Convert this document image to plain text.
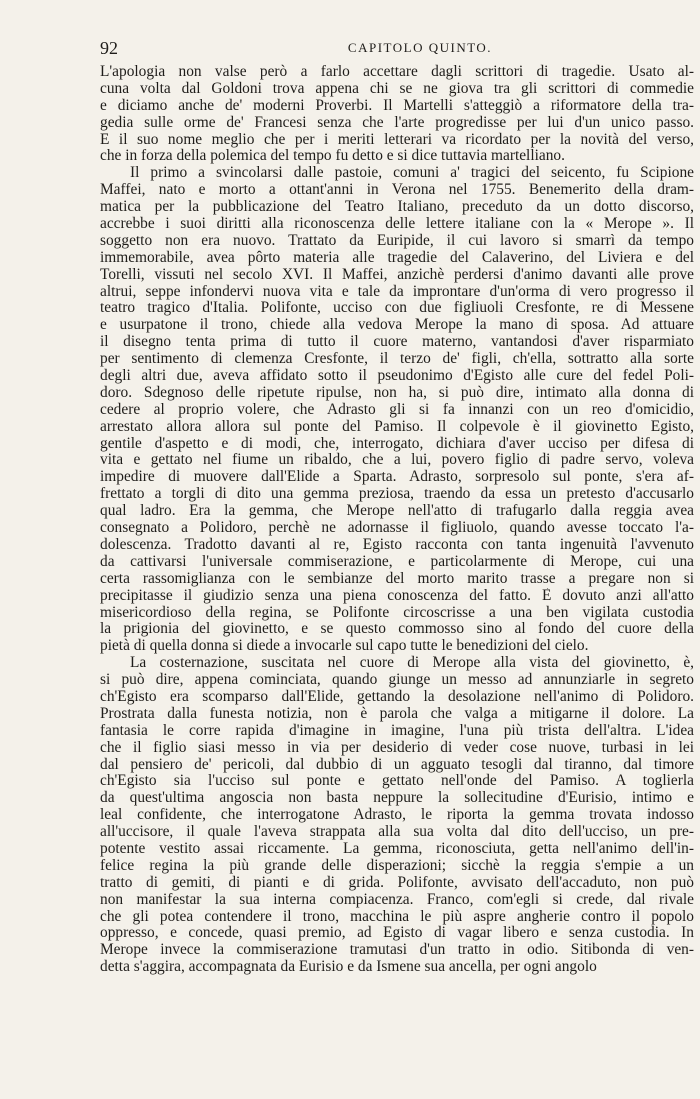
92	CAPITOLO QUINTO.
L'apologia non valse però a farlo accettare dagli scrittori di tragedie. Usato al-
cuna volta dal Goldoni trova appena chi se ne giova tra gli scrittori di commedie
e diciamo anche de' moderni Proverbi. Il Martelli s'atteggiò a riformatore della tra-
gedia sulle orme de' Francesi senza che l'arte progredisse per lui d'un unico passo.
E il suo nome meglio che per i meriti letterari va ricordato per la novità del verso,
che in forza della polemica del tempo fu detto e si dice tuttavia martelliano.
Il primo a svincolarsi dalle pastoie, comuni a' tragici del seicento, fu Scipione
Maffei, nato e morto a ottant'anni in Verona nel 1755. Benemerito della dram-
matica per la pubblicazione del Teatro Italiano, preceduto da un dotto discorso,
accrebbe i suoi diritti alla riconoscenza delle lettere italiane con la « Merope ». Il
soggetto non era nuovo. Trattato da Euripide, il cui lavoro si smarrì da tempo
immemorabile, avea pôrto materia alle tragedie del Calaverino, del Liviera e del
Torelli, vissuti nel secolo XVI. Il Maffei, anzichè perdersi d'animo davanti alle prove
altrui, seppe infondervi nuova vita e tale da improntare d'un'orma di vero progresso il
teatro tragico d'Italia. Polifonte, ucciso con due figliuoli Cresfonte, re di Messene
e usurpatone il trono, chiede alla vedova Merope la mano di sposa. Ad attuare
il disegno tenta prima di tutto il cuore materno, vantandosi d'aver risparmiato
per sentimento di clemenza Cresfonte, il terzo de' figli, ch'ella, sottratto alla sorte
degli altri due, aveva affidato sotto il pseudonimo d'Egisto alle cure del fedel Poli-
doro. Sdegnoso delle ripetute ripulse, non ha, si può dire, intimato alla donna di
cedere al proprio volere, che Adrasto gli si fa innanzi con un reo d'omicidio,
arrestato allora allora sul ponte del Pamiso. Il colpevole è il giovinetto Egisto,
gentile d'aspetto e di modi, che, interrogato, dichiara d'aver ucciso per difesa di
vita e gettato nel fiume un ribaldo, che a lui, povero figlio di padre servo, voleva
impedire di muovere dall'Elide a Sparta. Adrasto, sorpresolo sul ponte, s'era af-
frettato a torgli di dito una gemma preziosa, traendo da essa un pretesto d'accusarlo
qual ladro. Era la gemma, che Merope nell'atto di trafugarlo dalla reggia avea
consegnato a Polidoro, perchè ne adornasse il figliuolo, quando avesse toccato l'a-
dolescenza. Tradotto davanti al re, Egisto racconta con tanta ingenuità l'avvenuto
da cattivarsi l'universale commiserazione, e particolarmente di Merope, cui una
certa rassomiglianza con le sembianze del morto marito trasse a pregare non si
precipitasse il giudizio senza una piena conoscenza del fatto. È dovuto anzi all'atto
misericordioso della regina, se Polifonte circoscrisse a una ben vigilata custodia
la prigionia del giovinetto, e se questo commosso sino al fondo del cuore della
pietà di quella donna si diede a invocarle sul capo tutte le benedizioni del cielo.
La costernazione, suscitata nel cuore di Merope alla vista del giovinetto, è,
si può dire, appena cominciata, quando giunge un messo ad annunziarle in segreto
ch'Egisto era scomparso dall'Elide, gettando la desolazione nell'animo di Polidoro.
Prostrata dalla funesta notizia, non è parola che valga a mitigarne il dolore. La
fantasia le corre rapida d'imagine in imagine, l'una più trista dell'altra. L'idea
che il figlio siasi messo in via per desiderio di veder cose nuove, turbasi in lei
dal pensiero de' pericoli, dal dubbio di un agguato tesogli dal tiranno, dal timore
ch'Egisto sia l'ucciso sul ponte e gettato nell'onde del Pamiso. A toglierla
da quest'ultima angoscia non basta neppure la sollecitudine d'Eurisio, intimo e
leal confidente, che interrogatone Adrasto, le riporta la gemma trovata indosso
all'uccisore, il quale l'aveva strappata alla sua volta dal dito dell'ucciso, un pre-
potente vestito assai riccamente. La gemma, riconosciuta, getta nell'animo dell'in-
felice regina la più grande delle disperazioni; sicchè la reggia s'empie a un
tratto di gemiti, di pianti e di grida. Polifonte, avvisato dell'accaduto, non può
non manifestar la sua interna compiacenza. Franco, com'egli si crede, dal rivale
che gli potea contendere il trono, macchina le più aspre angherie contro il popolo
oppresso, e concede, quasi premio, ad Egisto di vagar libero e senza custodia. In
Merope invece la commiserazione tramutasi d'un tratto in odio. Sitibonda di ven-
detta s'aggira, accompagnata da Eurisio e da Ismene sua ancella, per ogni angolo
